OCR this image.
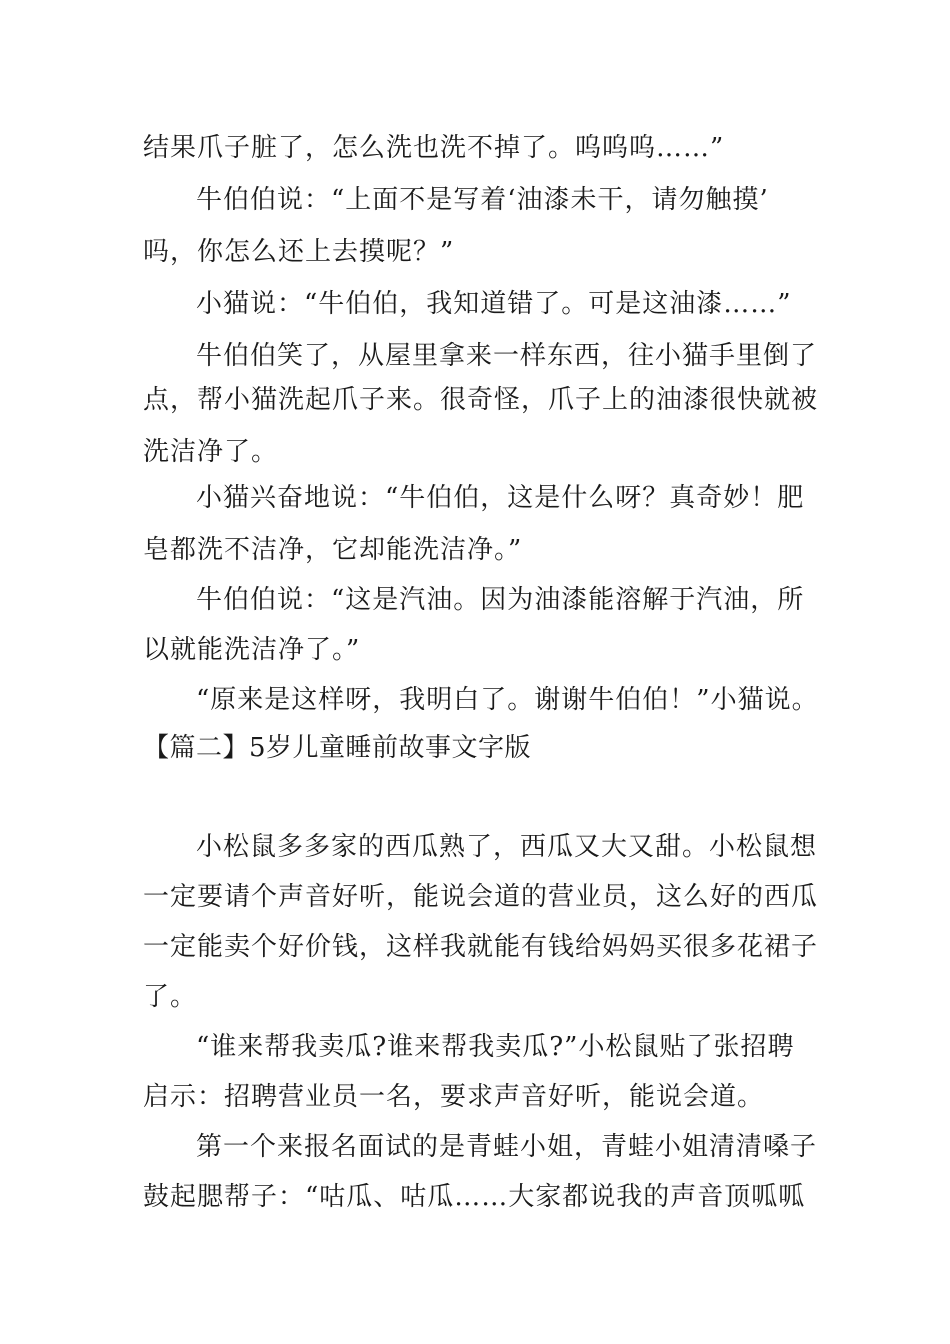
结果爪子脏了，怎么洗也洗不掉了。呜呜呜……”
牛伯伯说：“上面不是写着‘油漆未干，请勿触摸’
吗，你怎么还上去摸呢？”
小猫说：“牛伯伯，我知道错了。可是这油漆……”
牛伯伯笑了，从屋里拿来一样东西，往小猫手里倒了
点，帮小猫洗起爪子来。很奇怪，爪子上的油漆很快就被
洗洁净了。
小猫兴奋地说：“牛伯伯，这是什么呀？真奇妙！肥
皂都洗不洁净，它却能洗洁净。”
牛伯伯说：“这是汽油。因为油漆能溶解于汽油，所
以就能洗洁净了。”
“原来是这样呀，我明白了。谢谢牛伯伯！”小猫说。
【篇二】5岁儿童睡前故事文字版
小松鼠多多家的西瓜熟了，西瓜又大又甜。小松鼠想
一定要请个声音好听，能说会道的营业员，这么好的西瓜
一定能卖个好价钱，这样我就能有钱给妈妈买很多花裙子
了。
“谁来帮我卖瓜?谁来帮我卖瓜?”小松鼠贴了张招聘
启示：招聘营业员一名，要求声音好听，能说会道。
第一个来报名面试的是青蛙小姐，青蛙小姐清清嗓子
鼓起腮帮子：“咕瓜、咕瓜……大家都说我的声音顶呱呱
